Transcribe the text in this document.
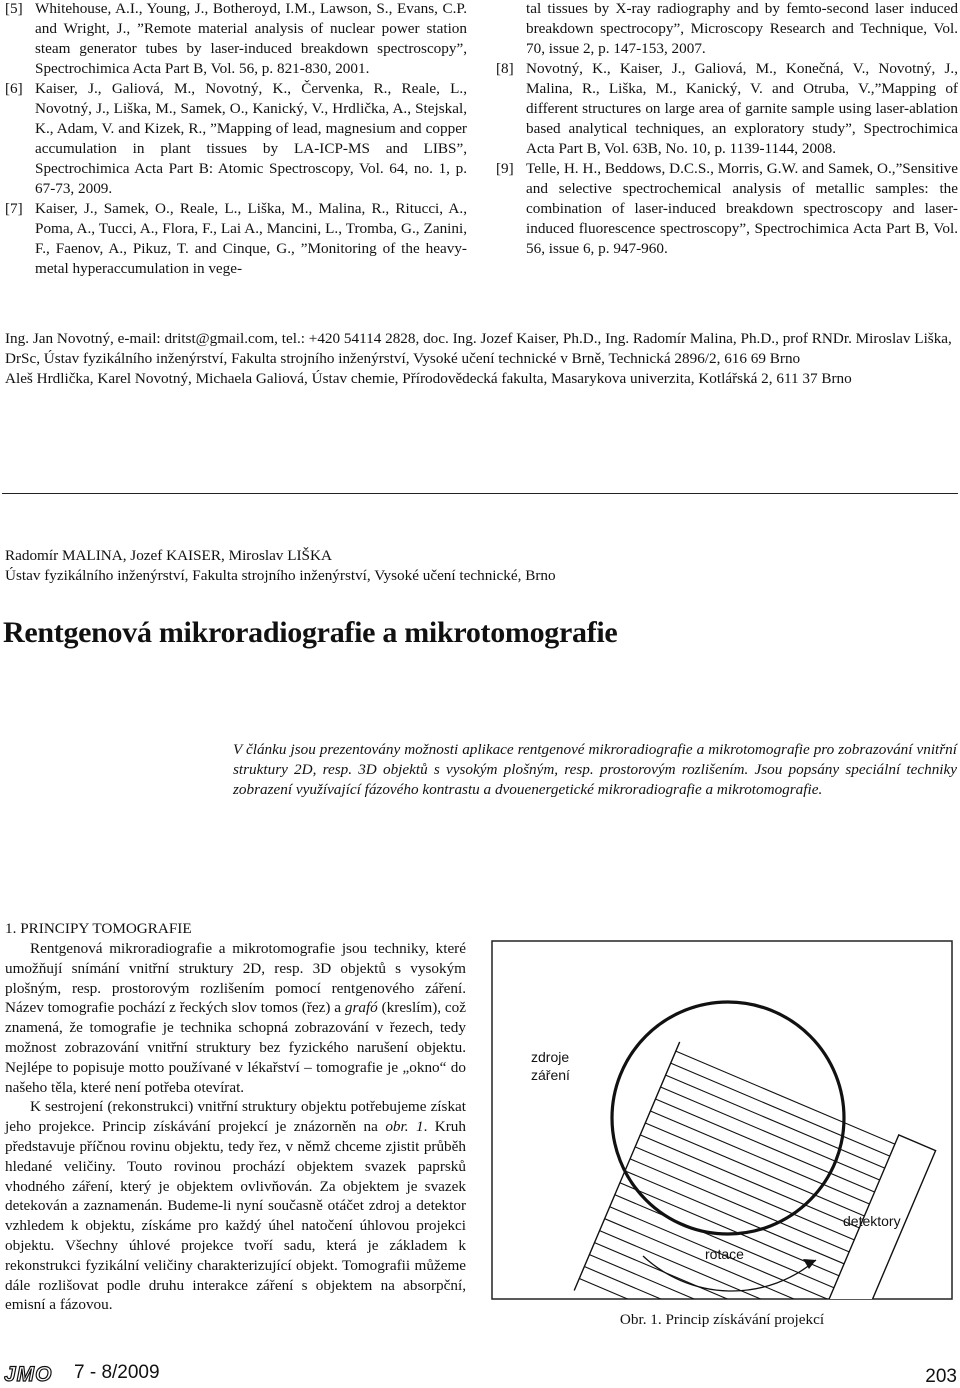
[5] Whitehouse, A.I., Young, J., Botheroyd, I.M., Lawson, S., Evans, C.P. and Wright, J., ”Remote material analysis of nuclear power station steam generator tubes by laser-induced breakdown spectroscopy”, Spectrochimica Acta Part B, Vol. 56, p. 821-830, 2001.
[6] Kaiser, J., Galiová, M., Novotný, K., Červenka, R., Reale, L., Novotný, J., Liška, M., Samek, O., Kanický, V., Hrdlička, A., Stejskal, K., Adam, V. and Kizek, R., ”Mapping of lead, magnesium and copper accumulation in plant tissues by LA-ICP-MS and LIBS”, Spectrochimica Acta Part B: Atomic Spectroscopy, Vol. 64, no. 1, p. 67-73, 2009.
[7] Kaiser, J., Samek, O., Reale, L., Liška, M., Malina, R., Ritucci, A., Poma, A., Tucci, A., Flora, F., Lai A., Mancini, L., Tromba, G., Zanini, F., Faenov, A., Pikuz, T. and Cinque, G., ”Monitoring of the heavy-metal hyperaccumulation in vege-
tal tissues by X-ray radiography and by femto-second laser induced breakdown spectrocopy”, Microscopy Research and Technique, Vol. 70, issue 2, p. 147-153, 2007.
[8] Novotný, K., Kaiser, J., Galiová, M., Konečná, V., Novotný, J., Malina, R., Liška, M., Kanický, V. and Otruba, V.,”Mapping of different structures on large area of garnite sample using laser-ablation based analytical techniques, an exploratory study”, Spectrochimica Acta Part B, Vol. 63B, No. 10, p. 1139-1144, 2008.
[9] Telle, H. H., Beddows, D.C.S., Morris, G.W. and Samek, O.,”Sensitive and selective spectrochemical analysis of metallic samples: the combination of laser-induced breakdown spectroscopy and laser-induced fluorescence spectroscopy”, Spectrochimica Acta Part B, Vol. 56, issue 6, p. 947-960.

Ing. Jan Novotný, e-mail: dritst@gmail.com, tel.: +420 54114 2828, doc. Ing. Jozef Kaiser, Ph.D., Ing. Radomír Malina, Ph.D., prof RNDr. Miroslav Liška, DrSc, Ústav fyzikálního inženýrství, Fakulta strojního inženýrství, Vysoké učení technické v Brně, Technická 2896/2, 616 69 Brno

Aleš Hrdlička, Karel Novotný, Michaela Galiová, Ústav chemie, Přírodovědecká fakulta, Masarykova univerzita, Kotlářská 2, 611 37 Brno

Radomír MALINA, Jozef KAISER, Miroslav LIŠKA
Ústav fyzikálního inženýrství, Fakulta strojního inženýrství, Vysoké učení technické, Brno
Rentgenová mikroradiografie a mikrotomografie
V článku jsou prezentovány možnosti aplikace rentgenové mikroradiografie a mikrotomografie pro zobrazování vnitřní struktury 2D, resp. 3D objektů s vysokým plošným, resp. prostorovým rozlišením. Jsou popsány speciální techniky zobrazení využívající fázového kontrastu a dvouenergetické mikroradiografie a mikrotomografie.
1. PRINCIPY TOMOGRAFIE

Rentgenová mikroradiografie a mikrotomografie jsou techniky, které umožňují snímání vnitřní struktury 2D, resp. 3D objektů s vysokým plošným, resp. prostorovým rozlišením pomocí rentgenového záření. Název tomografie pochází z řeckých slov tomos (řez) a grafó (kreslím), což znamená, že tomografie je technika schopná zobrazování v řezech, tedy možnost zobrazování vnitřní struktury bez fyzického narušení objektu. Nejlépe to popisuje motto používané v lékařství – tomografie je „okno“ do našeho těla, které není potřeba otevírat.

K sestrojení (rekonstrukci) vnitřní struktury objektu potřebujeme získat jeho projekce. Princip získávání projekcí je znázorněn na obr. 1. Kruh představuje příčnou rovinu objektu, tedy řez, v němž chceme zjistit průběh hledané veličiny. Touto rovinou prochází objektem svazek paprsků vhodného záření, který je objektem ovlivňován. Za objektem je svazek detekován a zaznamenán. Budeme-li nyní současně otáčet zdroj a detektor vzhledem k objektu, získáme pro každý úhel natočení úhlovou projekci objektu. Všechny úhlové projekce tvoří sadu, která je základem k rekonstrukci fyzikální veličiny charakterizující objekt. Tomografii můžeme dále rozlišovat podle druhu interakce záření s objektem na absorpční, emisní a fázovou.

zdroje
záření
detektory
rotace
Obr. 1. Princip získávání projekcí
JMO 7 - 8/2009	203
